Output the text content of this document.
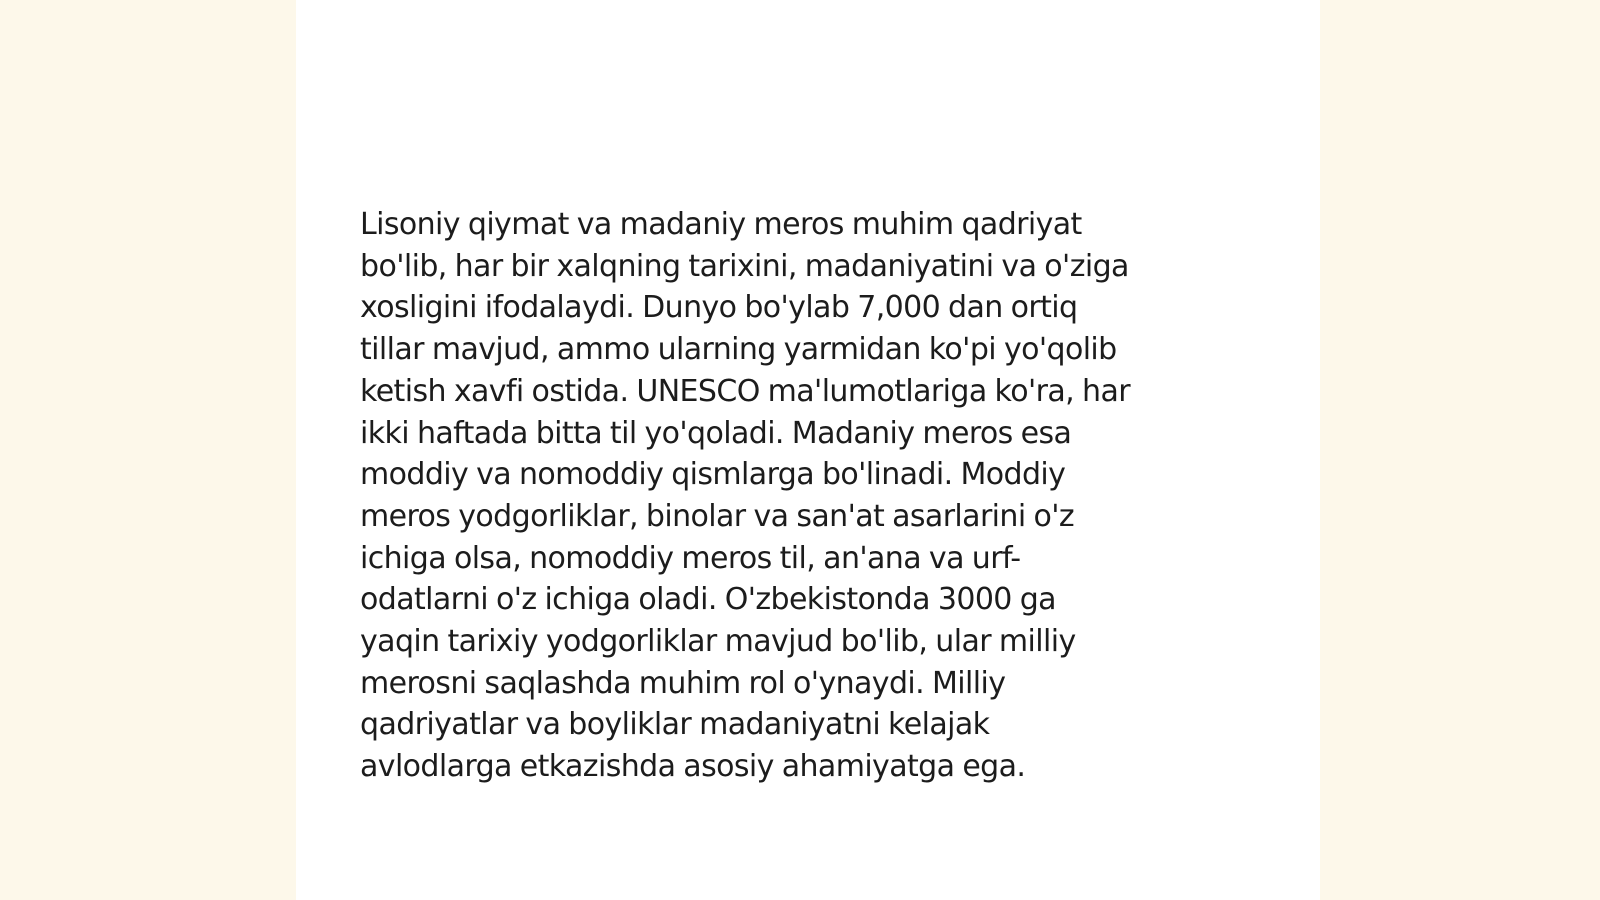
Lisoniy qiymat va madaniy meros muhim qadriyat
bo'lib, har bir xalqning tarixini, madaniyatini va o'ziga
xosligini ifodalaydi. Dunyo bo'ylab 7,000 dan ortiq
tillar mavjud, ammo ularning yarmidan ko'pi yo'qolib
ketish xavfi ostida. UNESCO ma'lumotlariga ko'ra, har
ikki haftada bitta til yo'qoladi. Madaniy meros esa
moddiy va nomoddiy qismlarga bo'linadi. Moddiy
meros yodgorliklar, binolar va san'at asarlarini o'z
ichiga olsa, nomoddiy meros til, an'ana va urf-
odatlarni o'z ichiga oladi. O'zbekistonda 3000 ga
yaqin tarixiy yodgorliklar mavjud bo'lib, ular milliy
merosni saqlashda muhim rol o'ynaydi. Milliy
qadriyatlar va boyliklar madaniyatni kelajak
avlodlarga etkazishda asosiy ahamiyatga ega.
